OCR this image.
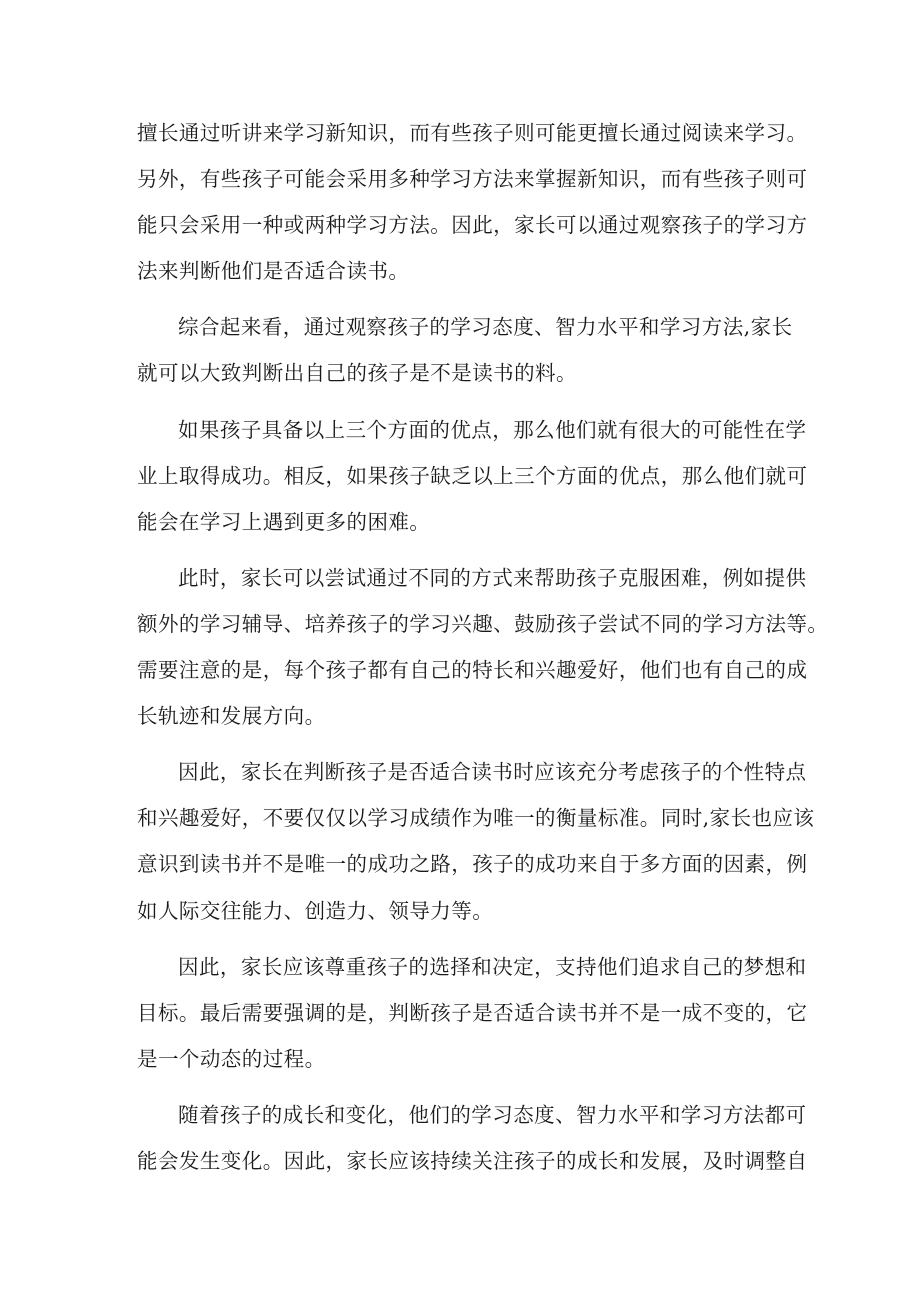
擅长通过听讲来学习新知识，而有些孩子则可能更擅长通过阅读来学习。
另外，有些孩子可能会采用多种学习方法来掌握新知识，而有些孩子则可
能只会采用一种或两种学习方法。因此，家长可以通过观察孩子的学习方
法来判断他们是否适合读书。
综合起来看，通过观察孩子的学习态度、智力水平和学习方法,家长
就可以大致判断出自己的孩子是不是读书的料。
如果孩子具备以上三个方面的优点，那么他们就有很大的可能性在学
业上取得成功。相反，如果孩子缺乏以上三个方面的优点，那么他们就可
能会在学习上遇到更多的困难。
此时，家长可以尝试通过不同的方式来帮助孩子克服困难，例如提供
额外的学习辅导、培养孩子的学习兴趣、鼓励孩子尝试不同的学习方法等。
需要注意的是，每个孩子都有自己的特长和兴趣爱好，他们也有自己的成
长轨迹和发展方向。
因此，家长在判断孩子是否适合读书时应该充分考虑孩子的个性特点
和兴趣爱好，不要仅仅以学习成绩作为唯一的衡量标准。同时,家长也应该
意识到读书并不是唯一的成功之路，孩子的成功来自于多方面的因素，例
如人际交往能力、创造力、领导力等。
因此，家长应该尊重孩子的选择和决定，支持他们追求自己的梦想和
目标。最后需要强调的是，判断孩子是否适合读书并不是一成不变的，它
是一个动态的过程。
随着孩子的成长和变化，他们的学习态度、智力水平和学习方法都可
能会发生变化。因此，家长应该持续关注孩子的成长和发展，及时调整自
